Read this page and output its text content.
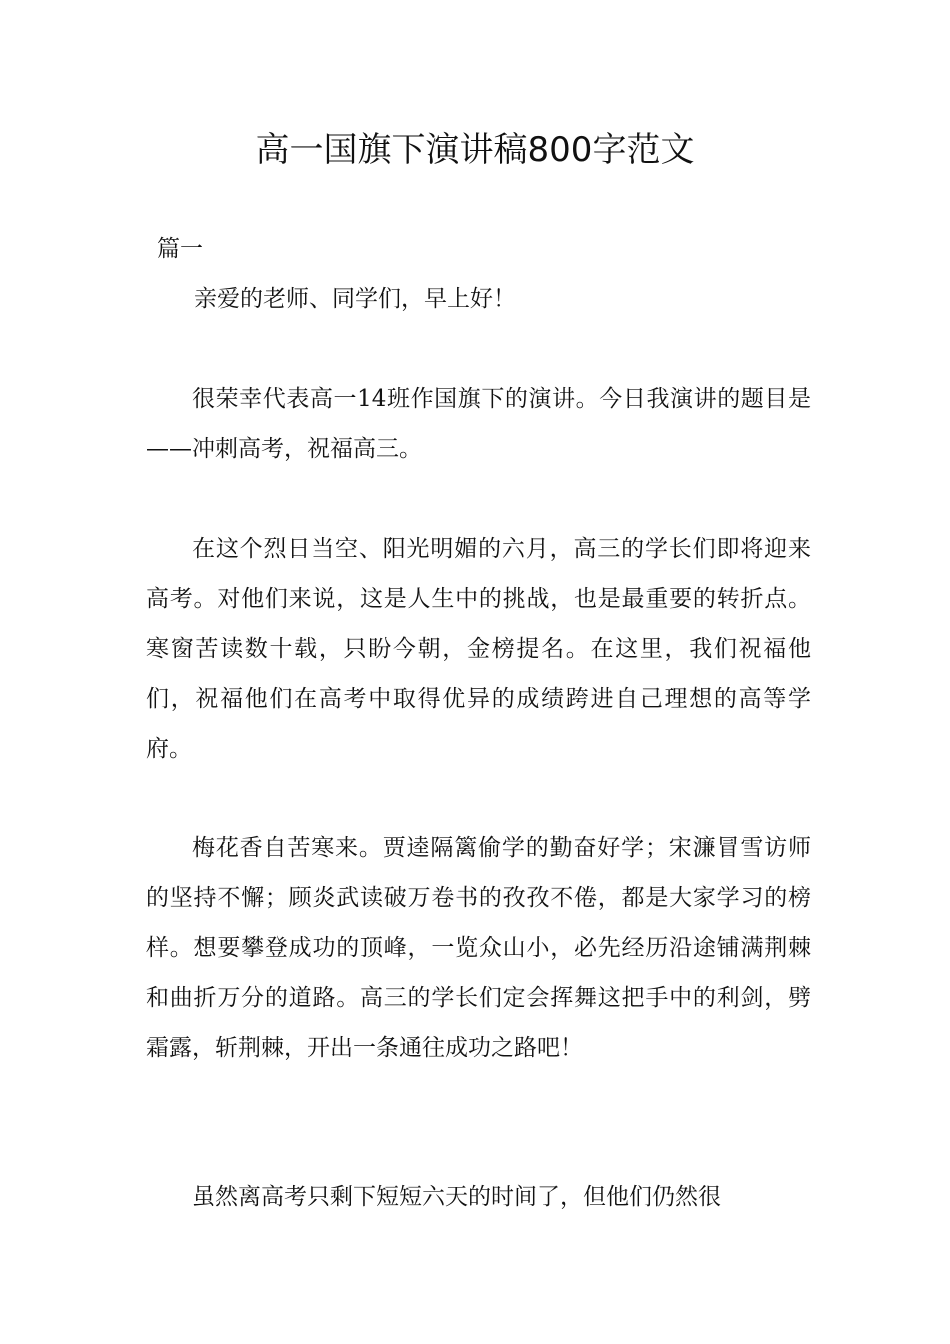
高一国旗下演讲稿800字范文
篇一
亲爱的老师、同学们，早上好！

很荣幸代表高一14班作国旗下的演讲。今日我演讲的题目是——冲刺高考，祝福高三。

在这个烈日当空、阳光明媚的六月，高三的学长们即将迎来高考。对他们来说，这是人生中的挑战，也是最重要的转折点。寒窗苦读数十载，只盼今朝，金榜提名。在这里，我们祝福他们，祝福他们在高考中取得优异的成绩跨进自己理想的高等学府。

梅花香自苦寒来。贾逵隔篱偷学的勤奋好学；宋濂冒雪访师的坚持不懈；顾炎武读破万卷书的孜孜不倦，都是大家学习的榜样。想要攀登成功的顶峰，一览众山小，必先经历沿途铺满荆棘和曲折万分的道路。高三的学长们定会挥舞这把手中的利剑，劈霜露，斩荆棘，开出一条通往成功之路吧！

虽然离高考只剩下短短六天的时间了，但他们仍然很
